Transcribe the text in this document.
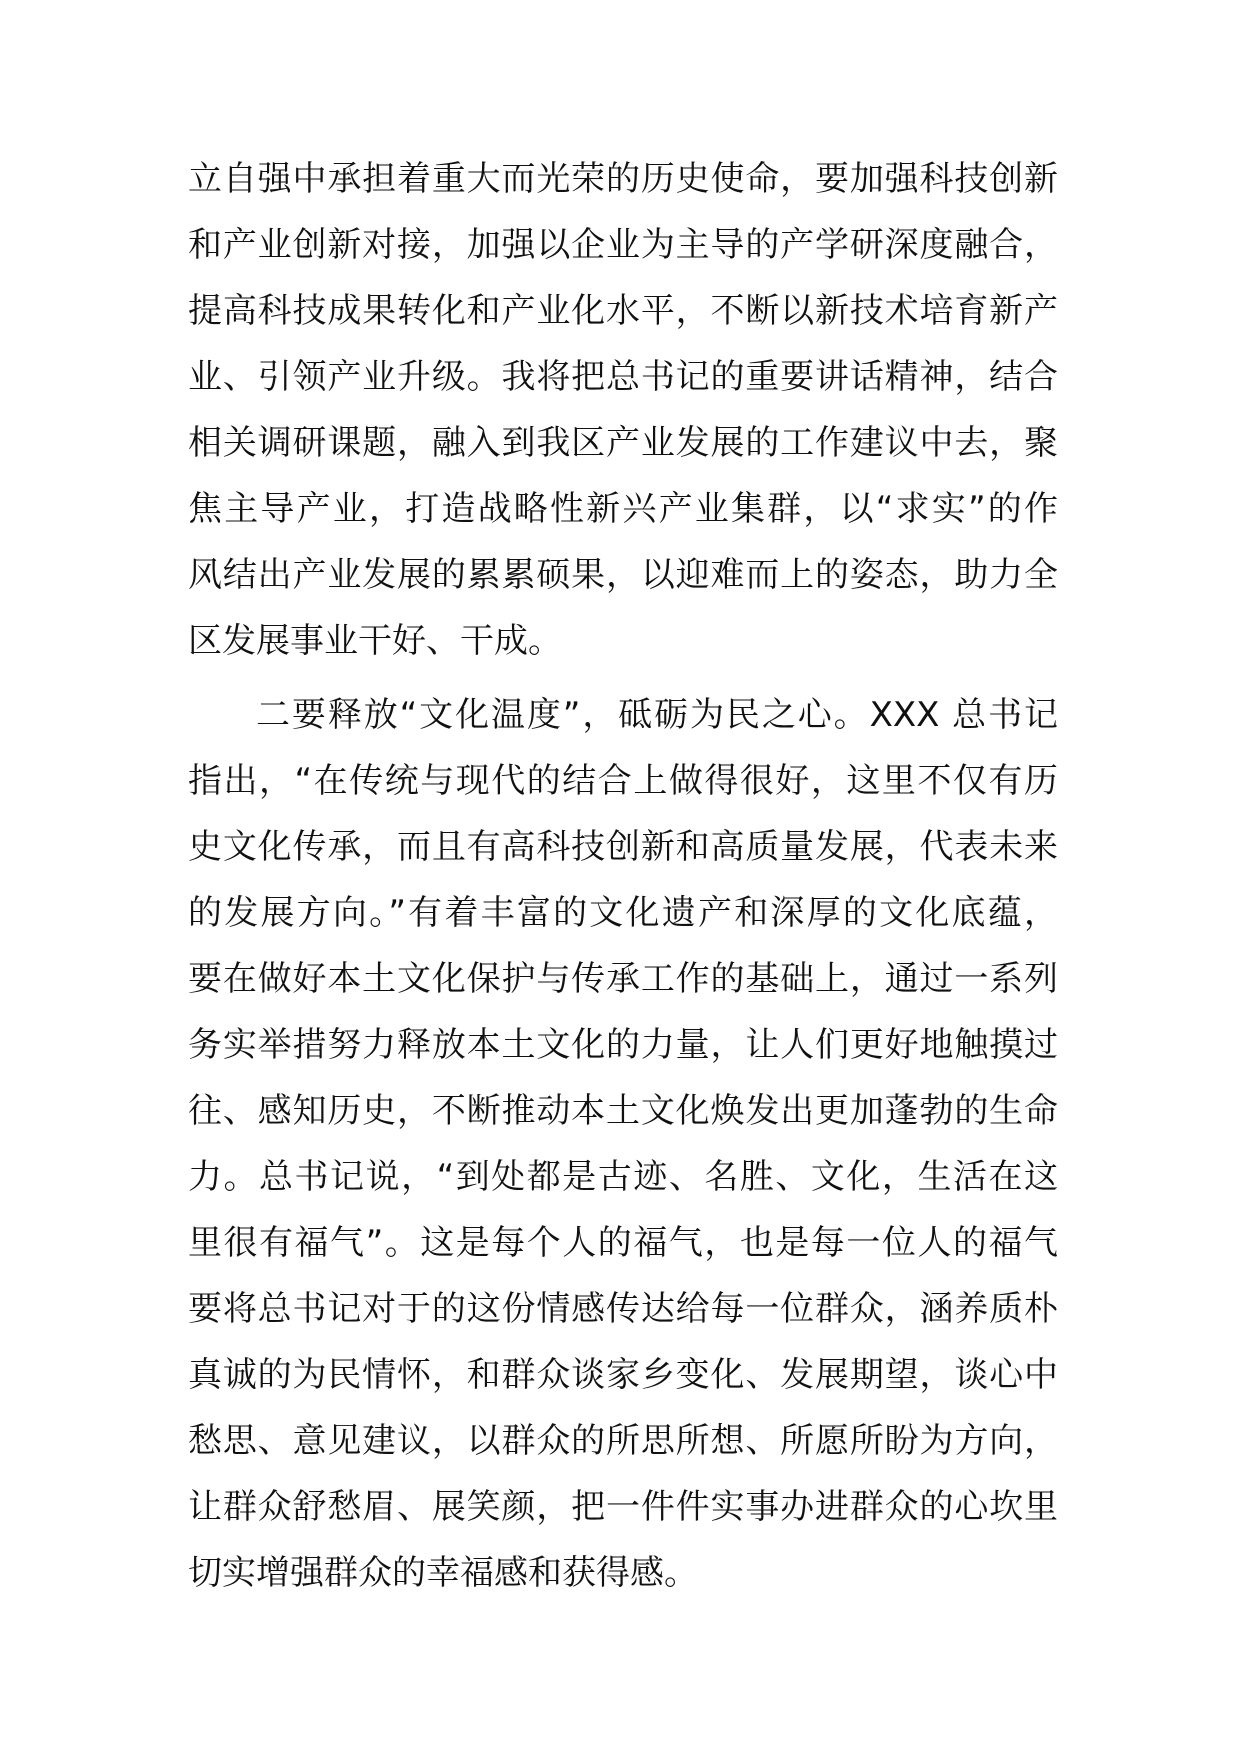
立自强中承担着重大而光荣的历史使命，要加强科技创新
和产业创新对接，加强以企业为主导的产学研深度融合，
提高科技成果转化和产业化水平，不断以新技术培育新产
业、引领产业升级。我将把总书记的重要讲话精神，结合
相关调研课题，融入到我区产业发展的工作建议中去，聚
焦主导产业，打造战略性新兴产业集群，以“求实”的作
风结出产业发展的累累硕果，以迎难而上的姿态，助力全
区发展事业干好、干成。
二要释放“文化温度”，砥砺为民之心。XXX 总书记
指出，“在传统与现代的结合上做得很好，这里不仅有历
史文化传承，而且有高科技创新和高质量发展，代表未来
的发展方向。”有着丰富的文化遗产和深厚的文化底蕴，
要在做好本土文化保护与传承工作的基础上，通过一系列
务实举措努力释放本土文化的力量，让人们更好地触摸过
往、感知历史，不断推动本土文化焕发出更加蓬勃的生命
力。总书记说，“到处都是古迹、名胜、文化，生活在这
里很有福气”。这是每个人的福气，也是每一位人的福气
要将总书记对于的这份情感传达给每一位群众，涵养质朴
真诚的为民情怀，和群众谈家乡变化、发展期望，谈心中
愁思、意见建议，以群众的所思所想、所愿所盼为方向，
让群众舒愁眉、展笑颜，把一件件实事办进群众的心坎里
切实增强群众的幸福感和获得感。
